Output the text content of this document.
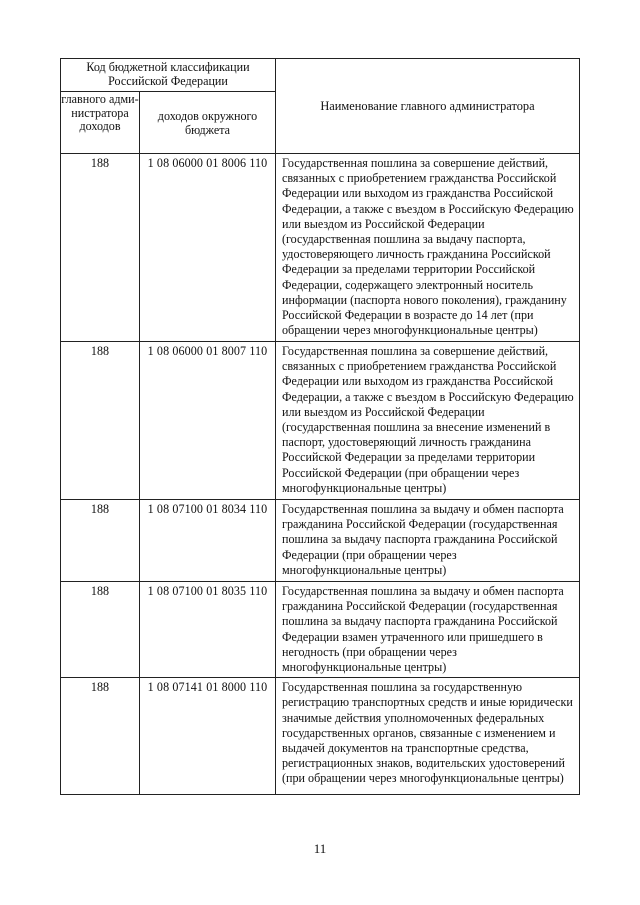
Код бюджетной классификации Российской Федерации		Наименование главного администратора
главного адми-нистратора доходов	доходов окружного бюджета	
188	1 08 06000 01 8006 110	Государственная пошлина за совершение действий, связанных с приобретением гражданства Российской Федерации или выходом из гражданства Российской Федерации, а также с въездом в Российскую Федерацию или выездом из Российской Федерации (государственная пошлина за выдачу паспорта, удостоверяющего личность гражданина Российской Федерации за пределами территории Российской Федерации, содержащего электронный носитель информации (паспорта нового поколения), гражданину Российской Федерации в возрасте до 14 лет (при обращении через многофункциональные центры)
188	1 08 06000 01 8007 110	Государственная пошлина за совершение действий, связанных с приобретением гражданства Российской Федерации или выходом из гражданства Российской Федерации, а также с въездом в Российскую Федерацию или выездом из Российской Федерации (государственная пошлина за внесение изменений в паспорт, удостоверяющий личность гражданина Российской Федерации за пределами территории Российской Федерации (при обращении через многофункциональные центры)
188	1 08 07100 01 8034 110	Государственная пошлина за выдачу и обмен паспорта гражданина Российской Федерации (государственная пошлина за выдачу паспорта гражданина Российской Федерации (при обращении через многофункциональные центры)
188	1 08 07100 01 8035 110	Государственная пошлина за выдачу и обмен паспорта гражданина Российской Федерации (государственная пошлина за выдачу паспорта гражданина Российской Федерации взамен утраченного или пришедшего в негодность (при обращении через многофункциональные центры)
188	1 08 07141 01 8000 110	Государственная пошлина за государственную регистрацию транспортных средств и иные юридически значимые действия уполномоченных федеральных государственных органов, связанные с изменением и выдачей документов на транспортные средства, регистрационных знаков, водительских удостоверений (при обращении через многофункциональные центры)
11
